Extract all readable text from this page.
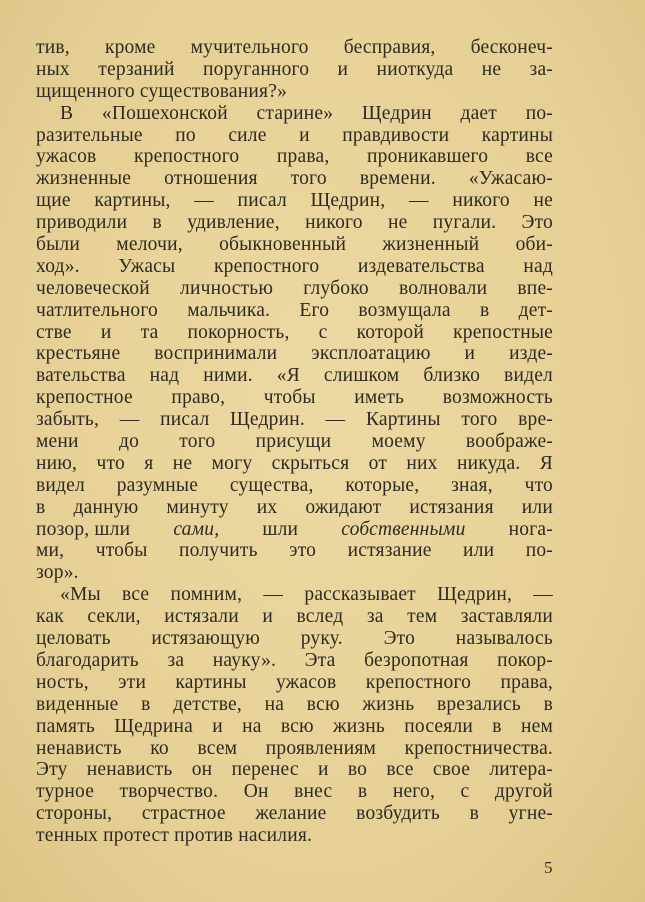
тив, кроме мучительного бесправия, бесконеч-
ных терзаний поруганного и ниоткуда не за-
щищенного существования?»
В «Пошехонской старине» Щедрин дает по-
разительные по силе и правдивости картины
ужасов крепостного права, проникавшего все
жизненные отношения того времени. «Ужасаю-
щие картины, — писал Щедрин, — никого не
приводили в удивление, никого не пугали. Это
были мелочи, обыкновенный жизненный оби-
ход». Ужасы крепостного издевательства над
человеческой личностью глубоко волновали впе-
чатлительного мальчика. Его возмущала в дет-
стве и та покорность, с которой крепостные
крестьяне воспринимали эксплоатацию и изде-
вательства над ними. «Я слишком близко видел
крепостное право, чтобы иметь возможность
забыть, — писал Щедрин. — Картины того вре-
мени до того присущи моему воображе-
нию, что я не могу скрыться от них никуда. Я
видел разумные существа, которые, зная, что
в данную минуту их ожидают истязания или
позор, шли сами, шли собственными нога-
ми, чтобы получить это истязание или по-
зор».
«Мы все помним, — рассказывает Щедрин, —
как секли, истязали и вслед за тем заставляли
целовать истязающую руку. Это называлось
благодарить за науку». Эта безропотная покор-
ность, эти картины ужасов крепостного права,
виденные в детстве, на всю жизнь врезались в
память Щедрина и на всю жизнь посеяли в нем
ненависть ко всем проявлениям крепостничества.
Эту ненависть он перенес и во все свое литера-
турное творчество. Он внес в него, с другой
стороны, страстное желание возбудить в угне-
тенных протест против насилия.
5
